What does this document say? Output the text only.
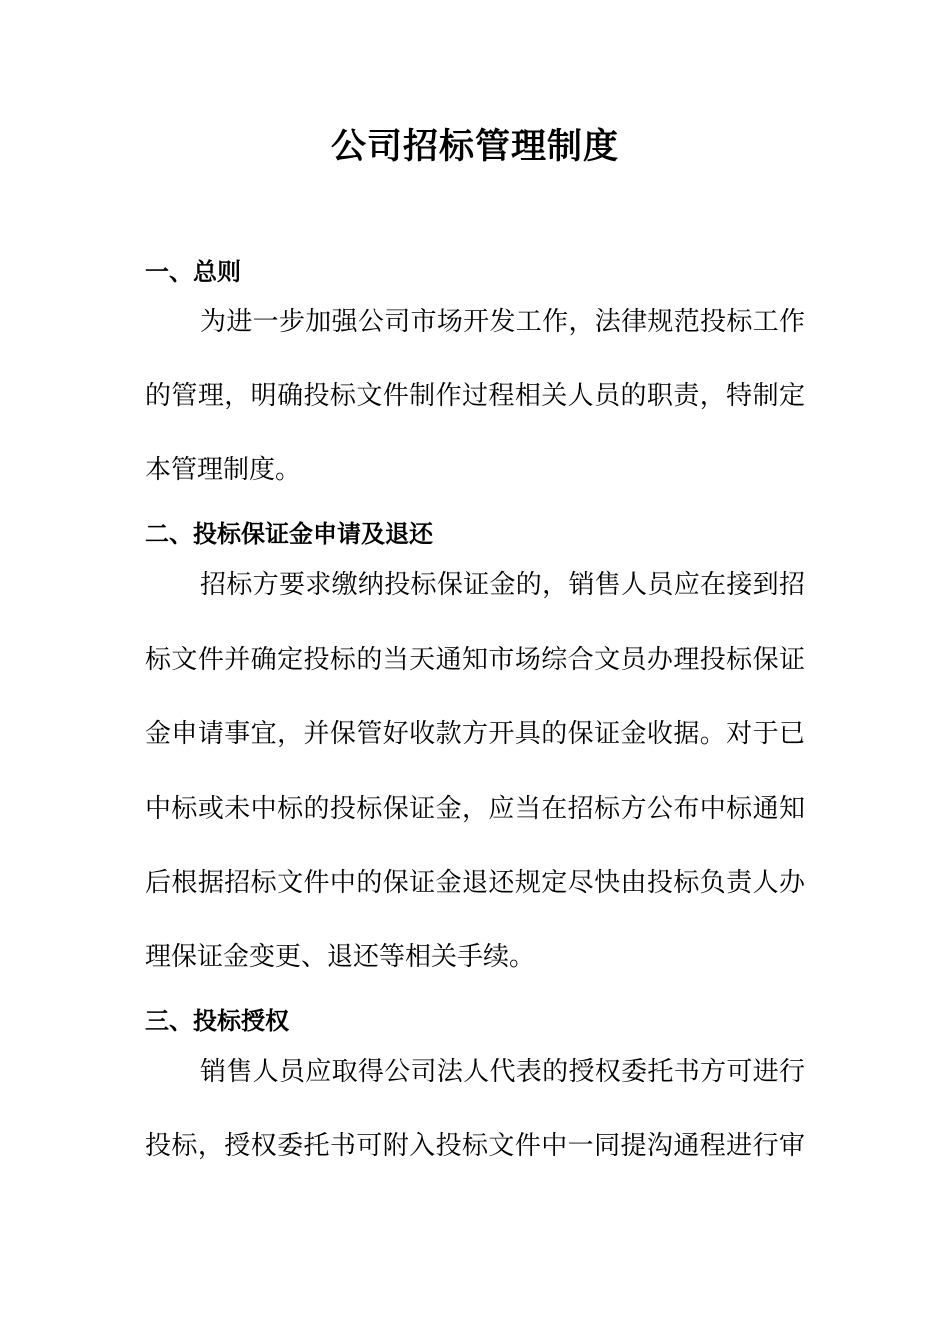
公司招标管理制度
一、总则
为进一步加强公司市场开发工作，法律规范投标工作
的管理，明确投标文件制作过程相关人员的职责，特制定
本管理制度。
二、投标保证金申请及退还
招标方要求缴纳投标保证金的，销售人员应在接到招
标文件并确定投标的当天通知市场综合文员办理投标保证
金申请事宜，并保管好收款方开具的保证金收据。对于已
中标或未中标的投标保证金，应当在招标方公布中标通知
后根据招标文件中的保证金退还规定尽快由投标负责人办
理保证金变更、退还等相关手续。
三、投标授权
销售人员应取得公司法人代表的授权委托书方可进行
投标，授权委托书可附入投标文件中一同提沟通程进行审
